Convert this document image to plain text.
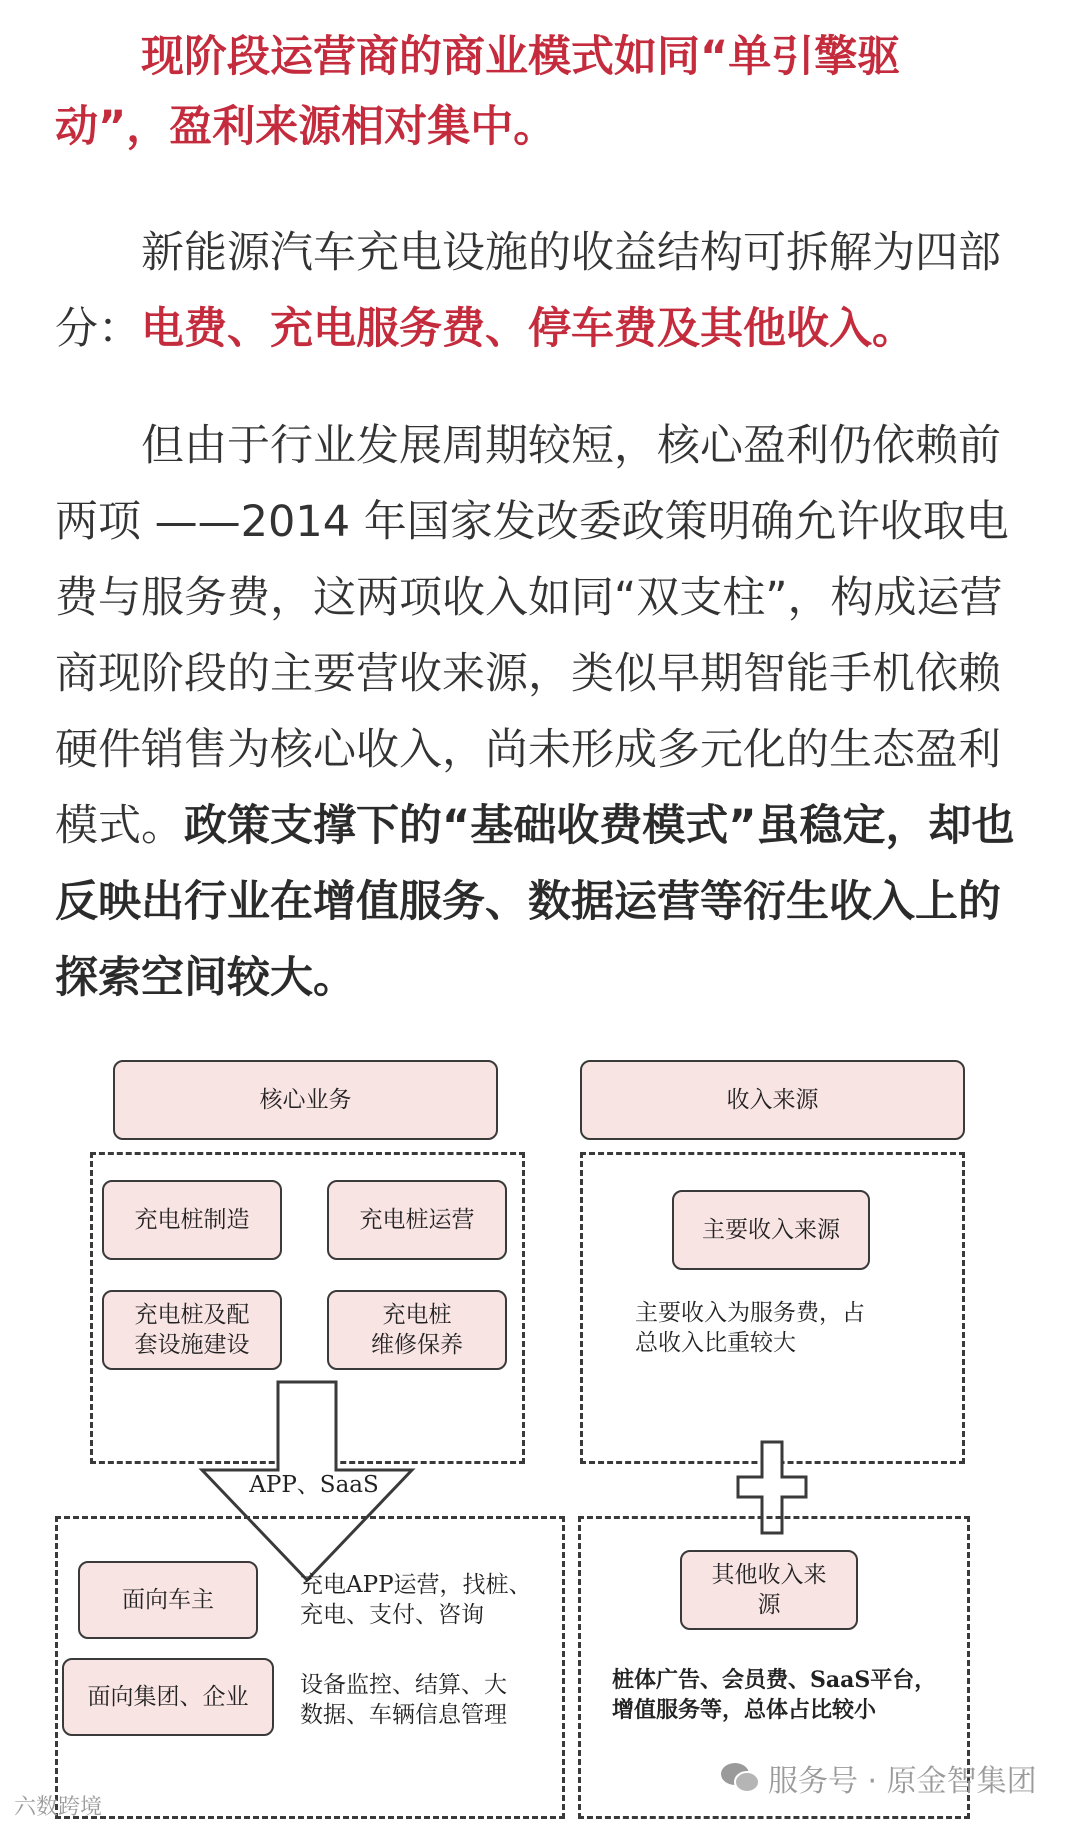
现阶段运营商的商业模式如同“单引擎驱
动”，盈利来源相对集中。

新能源汽车充电设施的收益结构可拆解为四部分：电费、充电服务费、停车费及其他收入。

但由于行业发展周期较短，核心盈利仍依赖前两项 ——2014 年国家发改委政策明确允许收取电费与服务费，这两项收入如同“双支柱”，构成运营商现阶段的主要营收来源，类似早期智能手机依赖硬件销售为核心收入，尚未形成多元化的生态盈利模式。政策支撑下的“基础收费模式”虽稳定，却也反映出行业在增值服务、数据运营等衍生收入上的探索空间较大。

核心业务	收入来源
充电桩制造	充电桩运营
充电桩及配
套设施建设
充电桩
维修保养
主要收入来源
主要收入为服务费，占
总收入比重较大
APP、SaaS
面向车主
充电APP运营，找桩、
充电、支付、咨询
面向集团、企业 设备监控、结算、大
数据、车辆信息管理
其他收入来
源
桩体广告、会员费、SaaS平台，
增值服务等，总体占比较小
六数跨境
服务号 · 原金智集团
